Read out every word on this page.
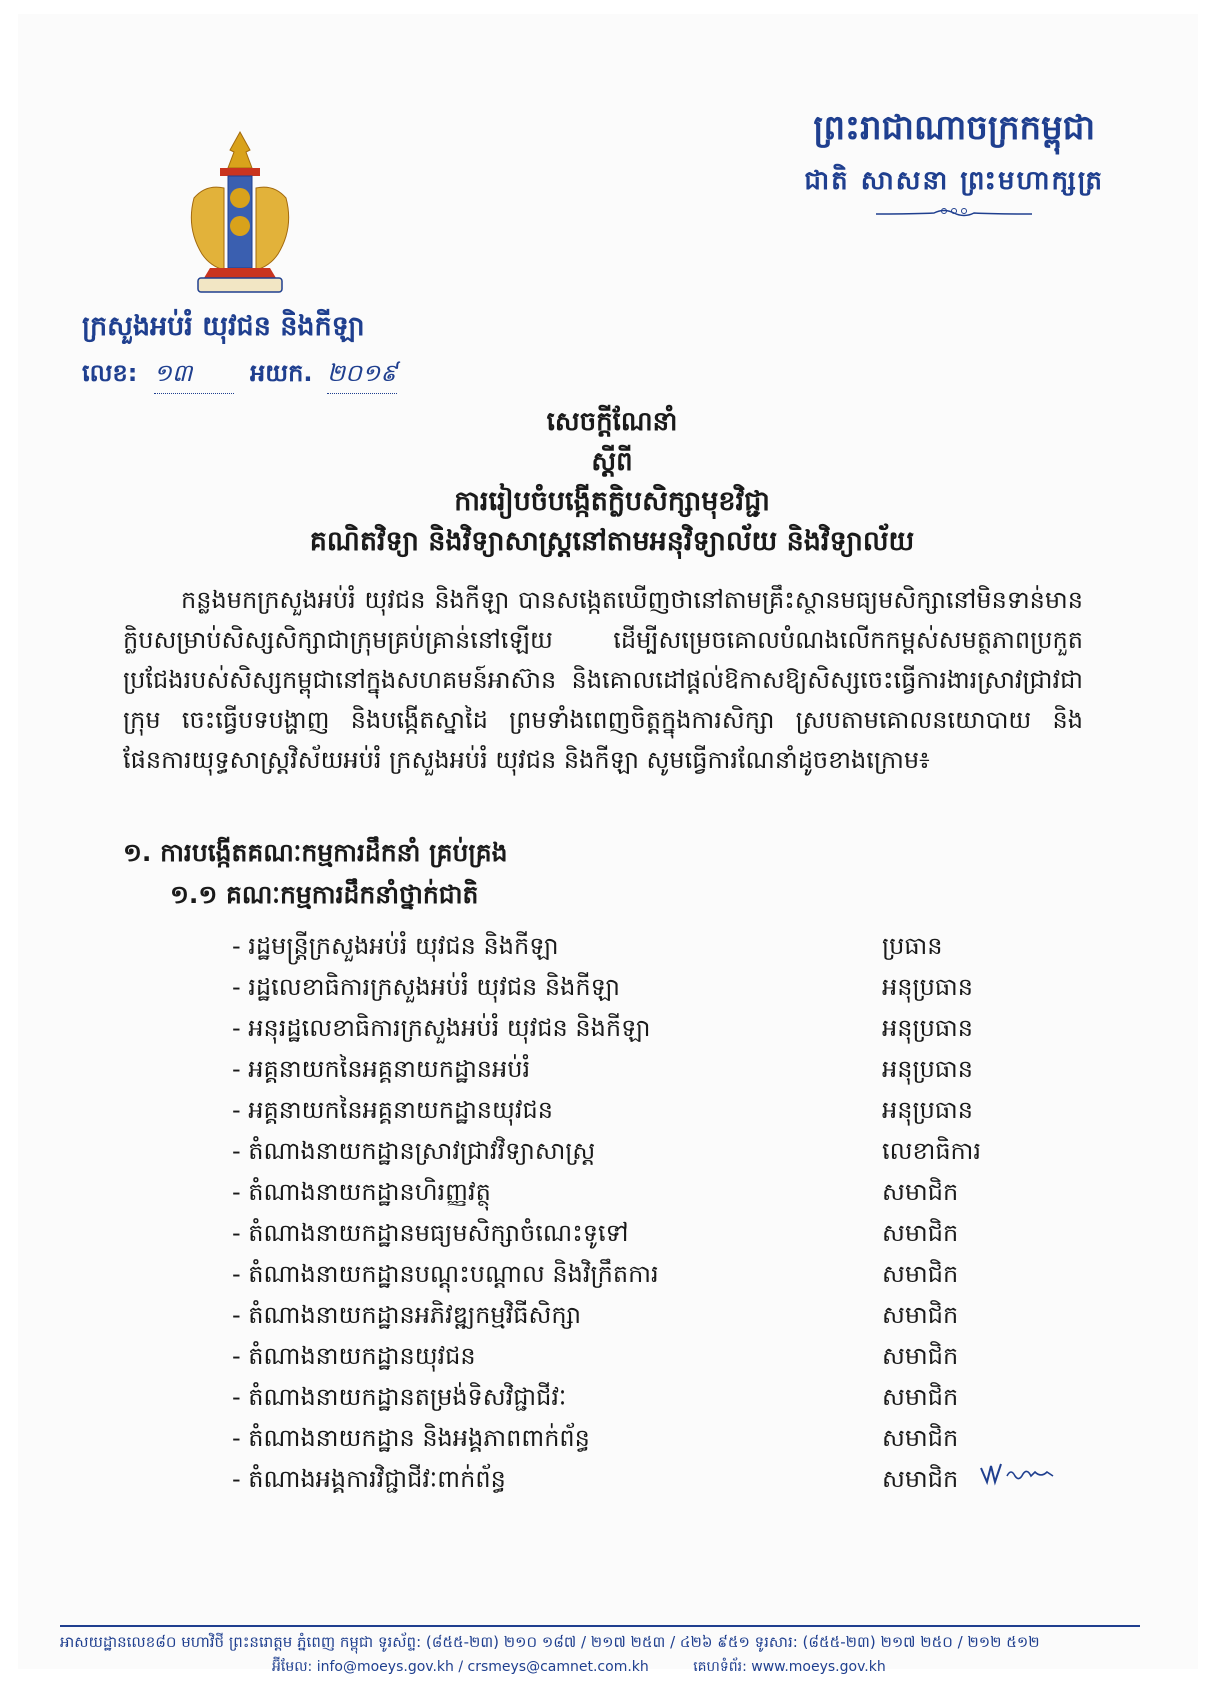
ក្រសួងអប់រំ យុវជន និងកីឡា
លេខ: ១៣ អយក. ២០១៩
ព្រះរាជាណាចក្រកម្ពុជា
ជាតិ សាសនា ព្រះមហាក្សត្រ
សេចក្តីណែនាំ
ស្តីពី
ការរៀបចំបង្កើតក្លិបសិក្សាមុខវិជ្ជា
គណិតវិទ្យា និងវិទ្យាសាស្ត្រនៅតាមអនុវិទ្យាល័យ និងវិទ្យាល័យ

កន្លងមកក្រសួងអប់រំ យុវជន និងកីឡា បានសង្កេតឃើញថានៅតាមគ្រឹះស្ថានមធ្យមសិក្សានៅមិនទាន់មានក្លិបសម្រាប់សិស្សសិក្សាជាក្រុមគ្រប់គ្រាន់នៅឡើយ ដើម្បីសម្រេចគោលបំណងលើកកម្ពស់សមត្ថភាពប្រកួតប្រជែងរបស់សិស្សកម្ពុជានៅក្នុងសហគមន៍អាស៊ាន និងគោលដៅផ្តល់ឱកាសឱ្យសិស្សចេះធ្វើការងារស្រាវជ្រាវជាក្រុម ចេះធ្វើបទបង្ហាញ និងបង្កើតស្នាដៃ ព្រមទាំងពេញចិត្តក្នុងការសិក្សា ស្របតាមគោលនយោបាយ និងផែនការយុទ្ធសាស្ត្រវិស័យអប់រំ ក្រសួងអប់រំ យុវជន និងកីឡា សូមធ្វើការណែនាំដូចខាងក្រោម៖

១. ការបង្កើតគណៈកម្មការដឹកនាំ គ្រប់គ្រង
១.១ គណៈកម្មការដឹកនាំថ្នាក់ជាតិ
- រដ្ឋមន្ត្រីក្រសួងអប់រំ យុវជន និងកីឡា	ប្រធាន
- រដ្ឋលេខាធិការក្រសួងអប់រំ យុវជន និងកីឡា	អនុប្រធាន
- អនុរដ្ឋលេខាធិការក្រសួងអប់រំ យុវជន និងកីឡា	អនុប្រធាន
- អគ្គនាយកនៃអគ្គនាយកដ្ឋានអប់រំ	អនុប្រធាន
- អគ្គនាយកនៃអគ្គនាយកដ្ឋានយុវជន	អនុប្រធាន
- តំណាងនាយកដ្ឋានស្រាវជ្រាវវិទ្យាសាស្ត្រ	លេខាធិការ
- តំណាងនាយកដ្ឋានហិរញ្ញវត្ថុ	សមាជិក
- តំណាងនាយកដ្ឋានមធ្យមសិក្សាចំណេះទូទៅ	សមាជិក
- តំណាងនាយកដ្ឋានបណ្តុះបណ្តាល និងវិក្រឹតការ	សមាជិក
- តំណាងនាយកដ្ឋានអភិវឌ្ឍកម្មវិធីសិក្សា	សមាជិក
- តំណាងនាយកដ្ឋានយុវជន	សមាជិក
- តំណាងនាយកដ្ឋានតម្រង់ទិសវិជ្ជាជីវៈ	សមាជិក
- តំណាងនាយកដ្ឋាន និងអង្គភាពពាក់ព័ន្ធ	សមាជិក
- តំណាងអង្គការវិជ្ជាជីវៈពាក់ព័ន្ធ	សមាជិក
អាសយដ្ឋានលេខ៨០ មហាវិថី ព្រះនរោត្តម ភ្នំពេញ កម្ពុជា ទូរស័ព្ទ: (៨៥៥-២៣) ២១០ ១៨៧ / ២១៧ ២៥៣ / ៤២៦ ៩៥១ ទូរសារ: (៨៥៥-២៣) ២១៧ ២៥០ / ២១២ ៥១២
អ៊ីមែល: info@moeys.gov.kh / crsmeys@camnet.com.kh	គេហទំព័រ: www.moeys.gov.kh
